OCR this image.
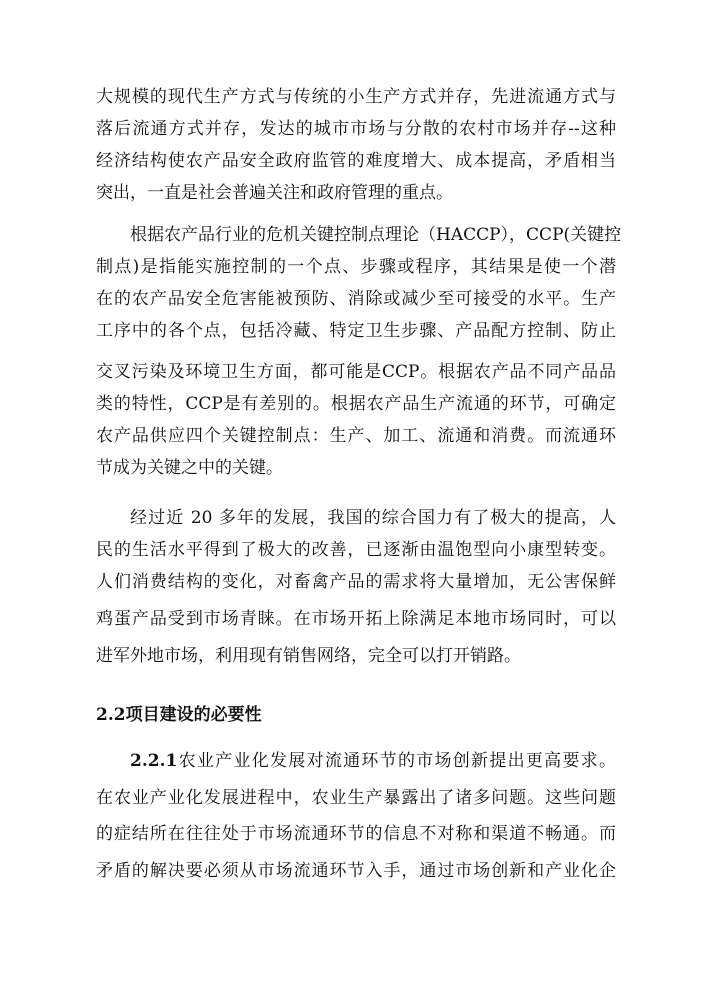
大规模的现代生产方式与传统的小生产方式并存，先进流通方式与
落后流通方式并存，发达的城市市场与分散的农村市场并存--这种
经济结构使农产品安全政府监管的难度增大、成本提高，矛盾相当
突出，一直是社会普遍关注和政府管理的重点。
根据农产品行业的危机关键控制点理论（HACCP），CCP(关键控
制点)是指能实施控制的一个点、步骤或程序，其结果是使一个潜
在的农产品安全危害能被预防、消除或减少至可接受的水平。生产
工序中的各个点，包括冷藏、特定卫生步骤、产品配方控制、防止
交叉污染及环境卫生方面，都可能是CCP。根据农产品不同产品品
类的特性，CCP是有差别的。根据农产品生产流通的环节，可确定
农产品供应四个关键控制点：生产、加工、流通和消费。而流通环
节成为关键之中的关键。
经过近 20 多年的发展，我国的综合国力有了极大的提高，人
民的生活水平得到了极大的改善，已逐渐由温饱型向小康型转变。
人们消费结构的变化，对畜禽产品的需求将大量增加，无公害保鲜
鸡蛋产品受到市场青睐。在市场开拓上除满足本地市场同时，可以
进军外地市场，利用现有销售网络，完全可以打开销路。
2.2项目建设的必要性
2.2.1农业产业化发展对流通环节的市场创新提出更高要求。
在农业产业化发展进程中，农业生产暴露出了诸多问题。这些问题
的症结所在往往处于市场流通环节的信息不对称和渠道不畅通。而
矛盾的解决要必须从市场流通环节入手，通过市场创新和产业化企
